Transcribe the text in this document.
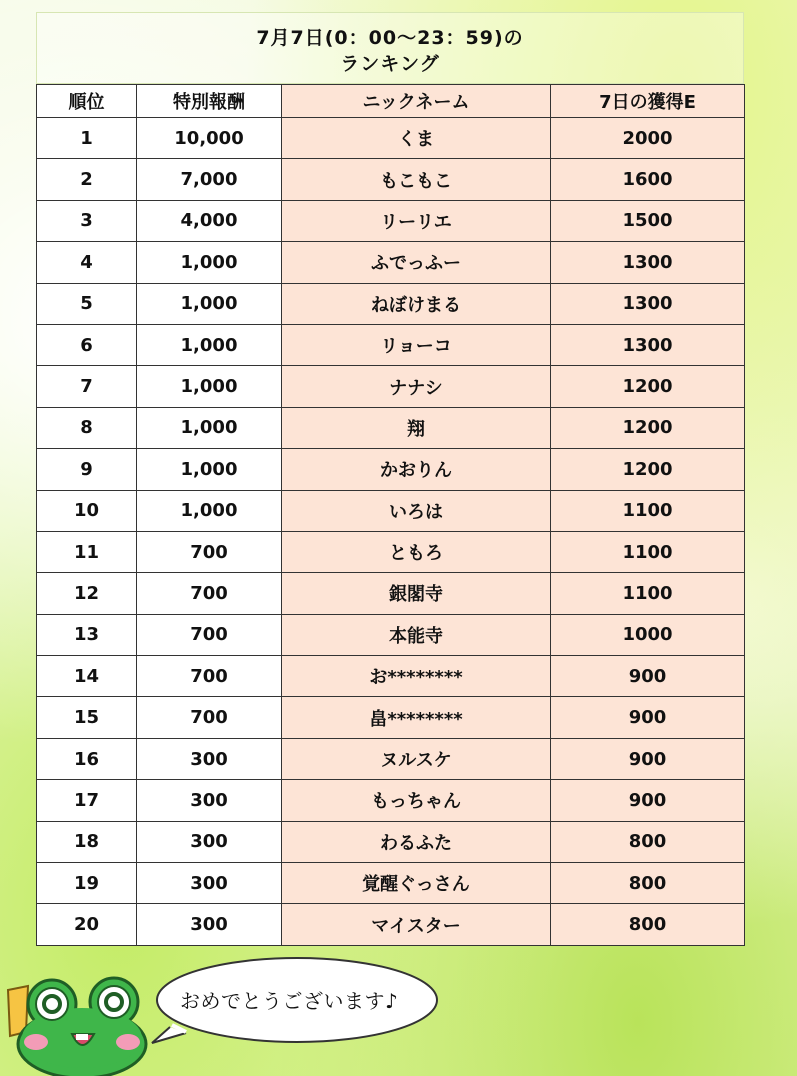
7月7日(0：00～23：59)の
ランキング
順位	特別報酬	ニックネーム	7日の獲得E
1	10,000	くま	2000
2	7,000	もこもこ	1600
3	4,000	リーリエ	1500
4	1,000	ふでっふー	1300
5	1,000	ねぼけまる	1300
6	1,000	リョーコ	1300
7	1,000	ナナシ	1200
8	1,000	翔	1200
9	1,000	かおりん	1200
10	1,000	いろは	1100
11	700	ともろ	1100
12	700	銀閣寺	1100
13	700	本能寺	1000
14	700	お********	900
15	700	畠********	900
16	300	ヌルスケ	900
17	300	もっちゃん	900
18	300	わるふた	800
19	300	覚醒ぐっさん	800
20	300	マイスター	800
おめでとうございます♪
